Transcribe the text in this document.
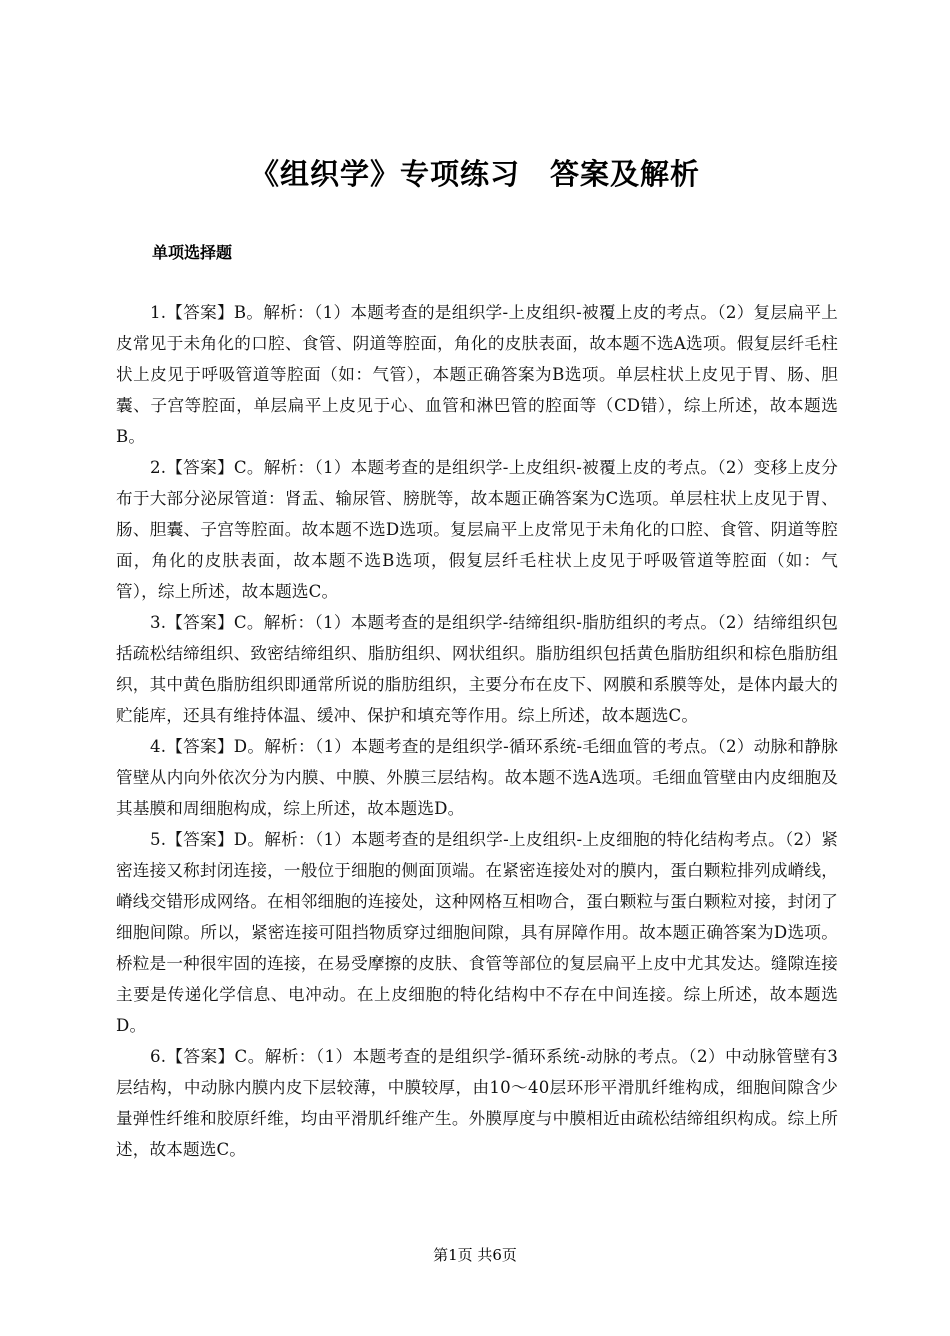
《组织学》专项练习　答案及解析
单项选择题

1.【答案】B。解析：（1）本题考查的是组织学-上皮组织-被覆上皮的考点。（2）复层扁平上皮常见于未角化的口腔、食管、阴道等腔面，角化的皮肤表面，故本题不选A选项。假复层纤毛柱状上皮见于呼吸管道等腔面（如：气管），本题正确答案为B选项。单层柱状上皮见于胃、肠、胆囊、子宫等腔面，单层扁平上皮见于心、血管和淋巴管的腔面等（CD错），综上所述，故本题选B。

2.【答案】C。解析：（1）本题考查的是组织学-上皮组织-被覆上皮的考点。（2）变移上皮分布于大部分泌尿管道：肾盂、输尿管、膀胱等，故本题正确答案为C选项。单层柱状上皮见于胃、肠、胆囊、子宫等腔面。故本题不选D选项。复层扁平上皮常见于未角化的口腔、食管、阴道等腔面，角化的皮肤表面，故本题不选B选项，假复层纤毛柱状上皮见于呼吸管道等腔面（如：气管），综上所述，故本题选C。

3.【答案】C。解析：（1）本题考查的是组织学-结缔组织-脂肪组织的考点。（2）结缔组织包括疏松结缔组织、致密结缔组织、脂肪组织、网状组织。脂肪组织包括黄色脂肪组织和棕色脂肪组织，其中黄色脂肪组织即通常所说的脂肪组织，主要分布在皮下、网膜和系膜等处，是体内最大的贮能库，还具有维持体温、缓冲、保护和填充等作用。综上所述，故本题选C。

4.【答案】D。解析：（1）本题考查的是组织学-循环系统-毛细血管的考点。（2）动脉和静脉管壁从内向外依次分为内膜、中膜、外膜三层结构。故本题不选A选项。毛细血管壁由内皮细胞及其基膜和周细胞构成，综上所述，故本题选D。

5.【答案】D。解析：（1）本题考查的是组织学-上皮组织-上皮细胞的特化结构考点。（2）紧密连接又称封闭连接，一般位于细胞的侧面顶端。在紧密连接处对的膜内，蛋白颗粒排列成嵴线，嵴线交错形成网络。在相邻细胞的连接处，这种网格互相吻合，蛋白颗粒与蛋白颗粒对接，封闭了细胞间隙。所以，紧密连接可阻挡物质穿过细胞间隙，具有屏障作用。故本题正确答案为D选项。桥粒是一种很牢固的连接，在易受摩擦的皮肤、食管等部位的复层扁平上皮中尤其发达。缝隙连接主要是传递化学信息、电冲动。在上皮细胞的特化结构中不存在中间连接。综上所述，故本题选D。

6.【答案】C。解析：（1）本题考查的是组织学-循环系统-动脉的考点。（2）中动脉管壁有3层结构，中动脉内膜内皮下层较薄，中膜较厚，由10～40层环形平滑肌纤维构成，细胞间隙含少量弹性纤维和胶原纤维，均由平滑肌纤维产生。外膜厚度与中膜相近由疏松结缔组织构成。综上所述，故本题选C。

第1页 共6页
